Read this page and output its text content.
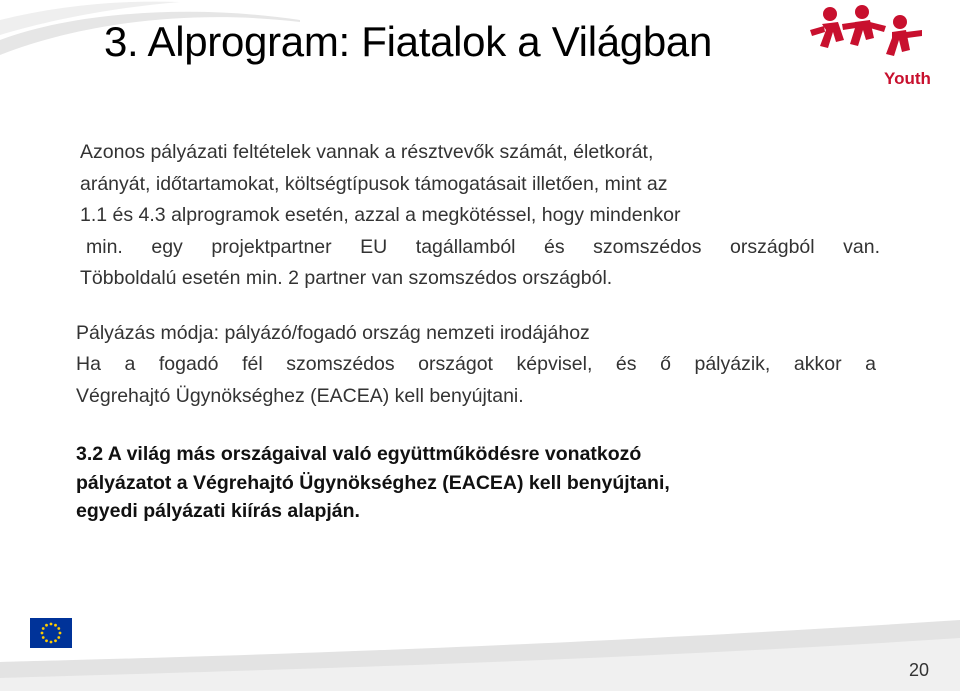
3. Alprogram: Fiatalok a Világban
Youth

Azonos pályázati feltételek vannak a résztvevők számát, életkorát,
arányát, időtartamokat, költségtípusok támogatásait illetően, mint az
1.1 és 4.3 alprogramok esetén, azzal a megkötéssel, hogy mindenkor
min. egy projektpartner EU tagállamból és szomszédos országból van.
Többoldalú esetén min. 2 partner van szomszédos országból.

Pályázás módja: pályázó/fogadó ország nemzeti irodájához
Ha a fogadó fél szomszédos országot képvisel, és ő pályázik, akkor a
Végrehajtó Ügynökséghez (EACEA) kell benyújtani.

3.2 A világ más országaival való együttműködésre vonatkozó
pályázatot a Végrehajtó Ügynökséghez (EACEA) kell benyújtani,
egyedi pályázati kiírás alapján.

20
